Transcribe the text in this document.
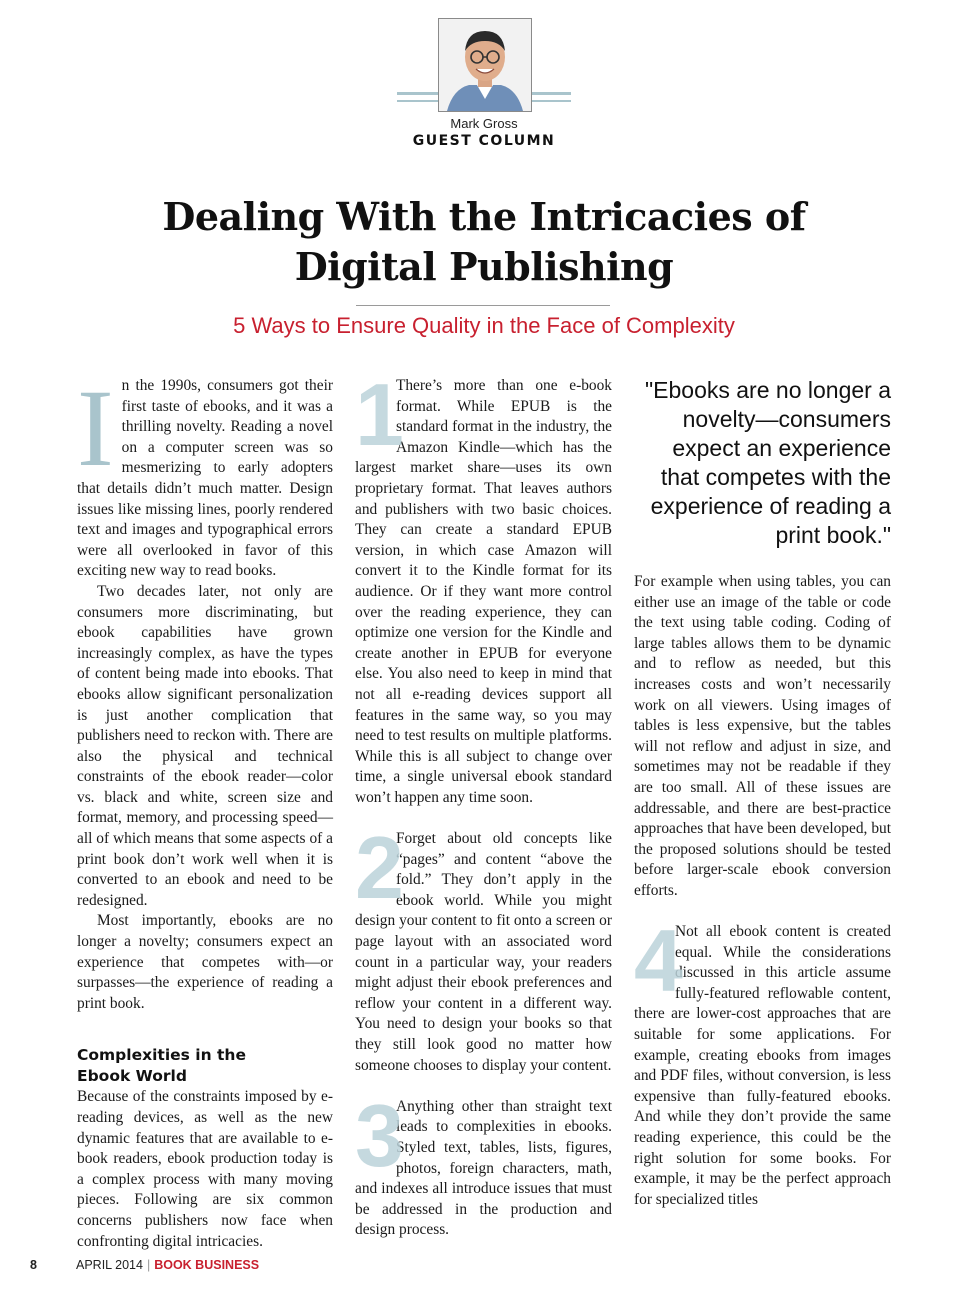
Mark Gross
GUEST COLUMN
Dealing With the Intricacies of
Digital Publishing
5 Ways to Ensure Quality in the Face of Complexity

In the 1990s, consumers got their first taste of ebooks, and it was a thrilling novelty. Reading a novel on a computer screen was so mesmerizing to early adopters that details didn’t much matter. Design issues like missing lines, poorly rendered text and images and typographical errors were all overlooked in favor of this exciting new way to read books.

Two decades later, not only are consumers more discriminating, but ebook capabilities have grown increasingly complex, as have the types of content being made into ebooks. That ebooks allow significant personalization is just another complication that publishers need to reckon with. There are also the physical and technical constraints of the ebook reader—color vs. black and white, screen size and format, memory, and processing speed—all of which means that some aspects of a print book don’t work well when it is converted to an ebook and need to be redesigned.

Most importantly, ebooks are no longer a novelty; consumers expect an experience that competes with—or surpasses—the experience of reading a print book.

Complexities in the
Ebook World

Because of the constraints imposed by e-reading devices, as well as the new dynamic features that are available to e-book readers, ebook production today is a complex process with many moving pieces. Following are six common concerns publishers now face when confronting digital intricacies.

1
There’s more than one e-book format. While EPUB is the standard format in the industry, the Amazon Kindle—which has the largest market share—uses its own proprietary format. That leaves authors and publishers with two basic choices. They can create a standard EPUB version, in which case Amazon will convert it to the Kindle format for its audience. Or if they want more control over the reading experience, they can optimize one version for the Kindle and create another in EPUB for everyone else. You also need to keep in mind that not all e-reading devices support all features in the same way, so you may need to test results on multiple platforms. While this is all subject to change over time, a single universal ebook standard won’t happen any time soon.

2
Forget about old concepts like “pages” and content “above the fold.” They don’t apply in the ebook world. While you might design your content to fit onto a screen or page layout with an associated word count in a particular way, your readers might adjust their ebook preferences and reflow your content in a different way. You need to design your books so that they still look good no matter how someone chooses to display your content.

3
Anything other than straight text leads to complexities in ebooks. Styled text, tables, lists, figures, photos, foreign characters, math, and indexes all introduce issues that must be addressed in the production and design process.

"Ebooks are no longer a novelty—consumers expect an experience that competes with the experience of reading a print book."

For example when using tables, you can either use an image of the table or code the text using table coding. Coding of large tables allows them to be dynamic and to reflow as needed, but this increases costs and won’t necessarily work on all viewers. Using images of tables is less expensive, but the tables will not reflow and adjust in size, and sometimes may not be readable if they are too small. All of these issues are addressable, and there are best-practice approaches that have been developed, but the proposed solutions should be tested before larger-scale ebook conversion efforts.

4
Not all ebook content is created equal. While the considerations discussed in this article assume fully-featured reflowable content, there are lower-cost approaches that are suitable for some applications. For example, creating ebooks from images and PDF files, without conversion, is less expensive than fully-featured ebooks. And while they don’t provide the same reading experience, this could be the right solution for some books. For example, it may be the perfect approach for specialized titles

8	APRIL 2014 | BOOK BUSINESS
